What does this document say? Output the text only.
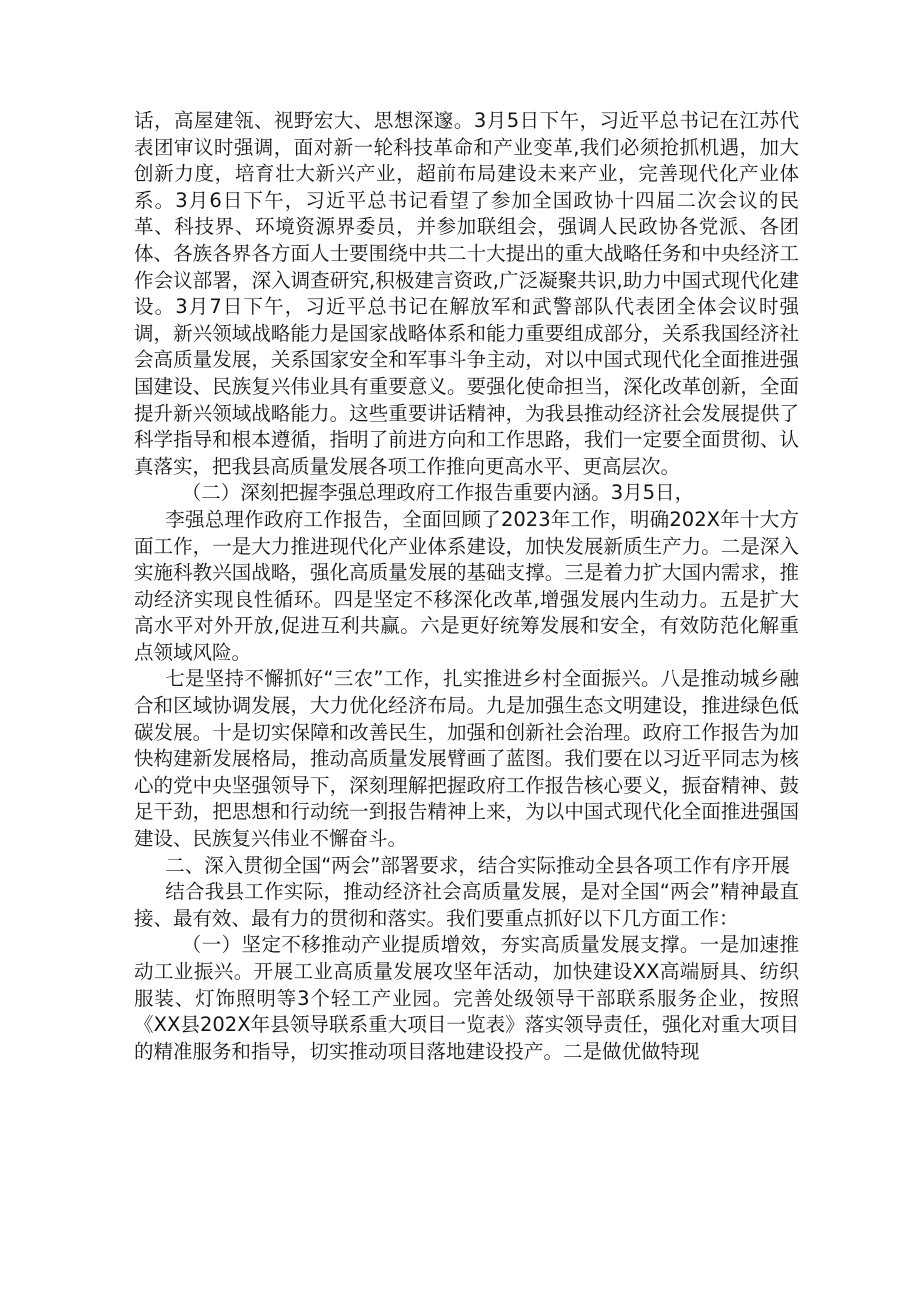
话，高屋建瓴、视野宏大、思想深邃。3月5日下午，习近平总书记在江苏代表团审议时强调，面对新一轮科技革命和产业变革,我们必须抢抓机遇，加大创新力度，培育壮大新兴产业，超前布局建设未来产业，完善现代化产业体系。3月6日下午，习近平总书记看望了参加全国政协十四届二次会议的民革、科技界、环境资源界委员，并参加联组会，强调人民政协各党派、各团体、各族各界各方面人士要围绕中共二十大提出的重大战略任务和中央经济工作会议部署，深入调查研究,积极建言资政,广泛凝聚共识,助力中国式现代化建设。3月7日下午，习近平总书记在解放军和武警部队代表团全体会议时强调，新兴领域战略能力是国家战略体系和能力重要组成部分，关系我国经济社会高质量发展，关系国家安全和军事斗争主动，对以中国式现代化全面推进强国建设、民族复兴伟业具有重要意义。要强化使命担当，深化改革创新，全面提升新兴领域战略能力。这些重要讲话精神，为我县推动经济社会发展提供了科学指导和根本遵循，指明了前进方向和工作思路，我们一定要全面贯彻、认真落实，把我县高质量发展各项工作推向更高水平、更高层次。

（二）深刻把握李强总理政府工作报告重要内涵。3月5日，

李强总理作政府工作报告，全面回顾了2023年工作，明确202X年十大方面工作，一是大力推进现代化产业体系建设，加快发展新质生产力。二是深入实施科教兴国战略，强化高质量发展的基础支撑。三是着力扩大国内需求，推动经济实现良性循环。四是坚定不移深化改革,增强发展内生动力。五是扩大高水平对外开放,促进互利共赢。六是更好统筹发展和安全，有效防范化解重点领域风险。

七是坚持不懈抓好“三农”工作，扎实推进乡村全面振兴。八是推动城乡融合和区域协调发展，大力优化经济布局。九是加强生态文明建设，推进绿色低碳发展。十是切实保障和改善民生，加强和创新社会治理。政府工作报告为加快构建新发展格局，推动高质量发展臂画了蓝图。我们要在以习近平同志为核心的党中央坚强领导下，深刻理解把握政府工作报告核心要义，振奋精神、鼓足干劲，把思想和行动统一到报告精神上来，为以中国式现代化全面推进强国建设、民族复兴伟业不懈奋斗。

二、深入贯彻全国“两会”部署要求，结合实际推动全县各项工作有序开展

结合我县工作实际，推动经济社会高质量发展，是对全国“两会”精神最直接、最有效、最有力的贯彻和落实。我们要重点抓好以下几方面工作：

（一）坚定不移推动产业提质增效，夯实高质量发展支撑。一是加速推动工业振兴。开展工业高质量发展攻坚年活动，加快建设XX高端厨具、纺织服装、灯饰照明等3个轻工产业园。完善处级领导干部联系服务企业，按照《XX县202X年县领导联系重大项目一览表》落实领导责任，强化对重大项目的精准服务和指导，切实推动项目落地建设投产。二是做优做特现
